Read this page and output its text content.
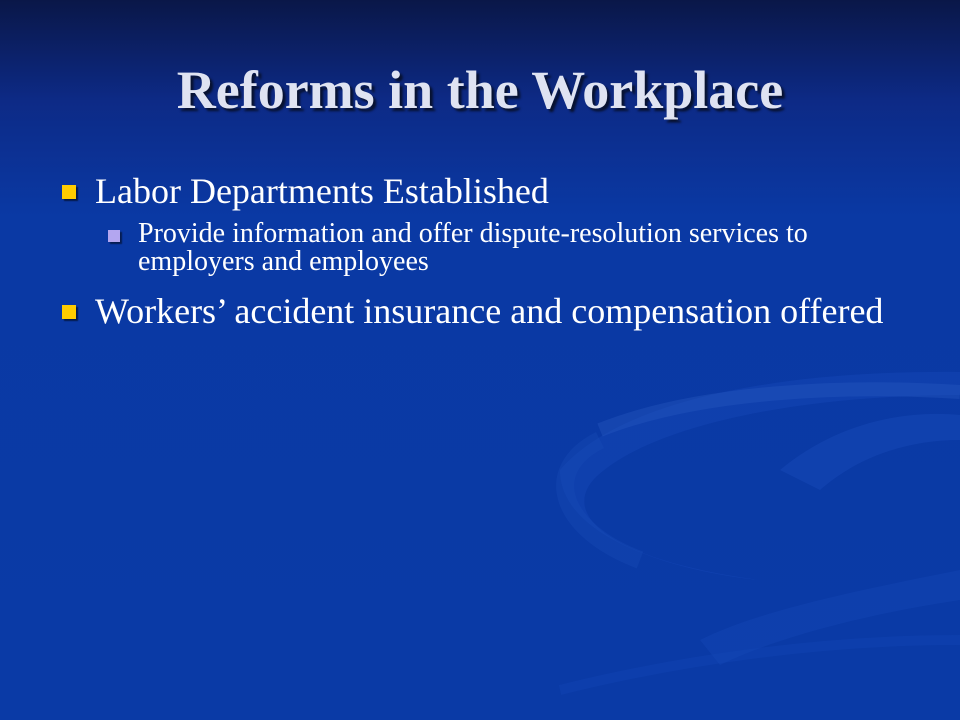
Reforms in the Workplace
Labor Departments Established
Provide information and offer dispute-resolution services to employers and employees
Workers’ accident insurance and compensation offered
